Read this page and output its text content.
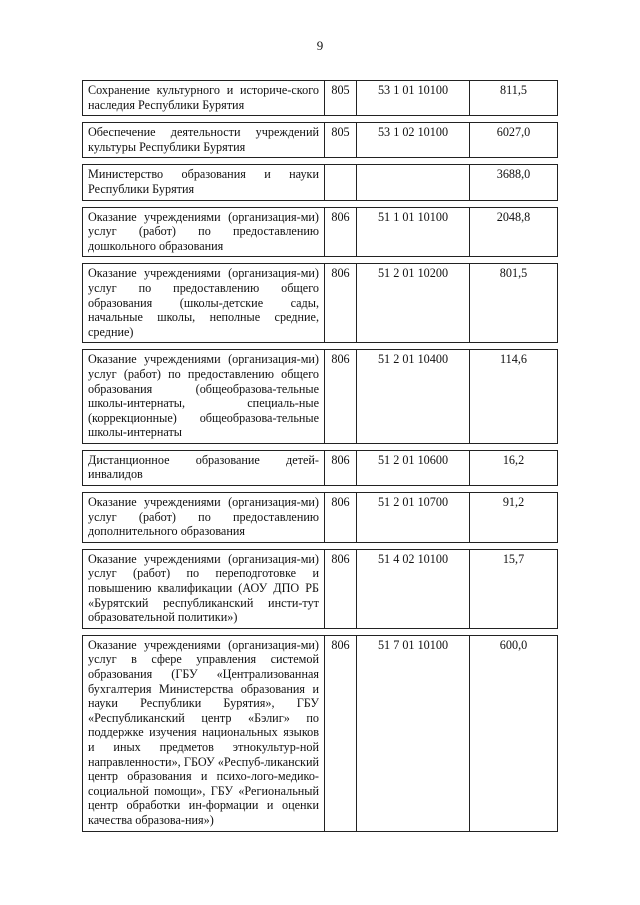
9
Сохранение культурного и историче-ского наследия Республики Бурятия	805	53 1 01 10100	811,5
Обеспечение деятельности учреждений культуры Республики Бурятия	805	53 1 02 10100	6027,0
Министерство образования и науки Республики Бурятия			3688,0
Оказание учреждениями (организация-ми) услуг (работ) по предоставлению дошкольного образования	806	51 1 01 10100	2048,8
Оказание учреждениями (организация-ми) услуг по предоставлению общего образования (школы-детские сады, начальные школы, неполные средние, средние)	806	51 2 01 10200	801,5
Оказание учреждениями (организация-ми) услуг (работ) по предоставлению общего образования (общеобразова-тельные школы-интернаты, специаль-ные (коррекционные) общеобразова-тельные школы-интернаты	806	51 2 01 10400	114,6
Дистанционное образование детей-инвалидов	806	51 2 01 10600	16,2
Оказание учреждениями (организация-ми) услуг (работ) по предоставлению дополнительного образования	806	51 2 01 10700	91,2
Оказание учреждениями (организация-ми) услуг (работ) по переподготовке и повышению квалификации (АОУ ДПО РБ «Бурятский республиканский инсти-тут образовательной политики»)	806	51 4 02 10100	15,7
Оказание учреждениями (организация-ми) услуг в сфере управления системой образования (ГБУ «Централизованная бухгалтерия Министерства образования и науки Республики Бурятия», ГБУ «Республиканский центр «Бэлиг» по поддержке изучения национальных языков и иных предметов этнокультур-ной направленности», ГБОУ «Респуб-ликанский центр образования и психо-лого-медико-социальной помощи», ГБУ «Региональный центр обработки ин-формации и оценки качества образова-ния»)	806	51 7 01 10100	600,0
